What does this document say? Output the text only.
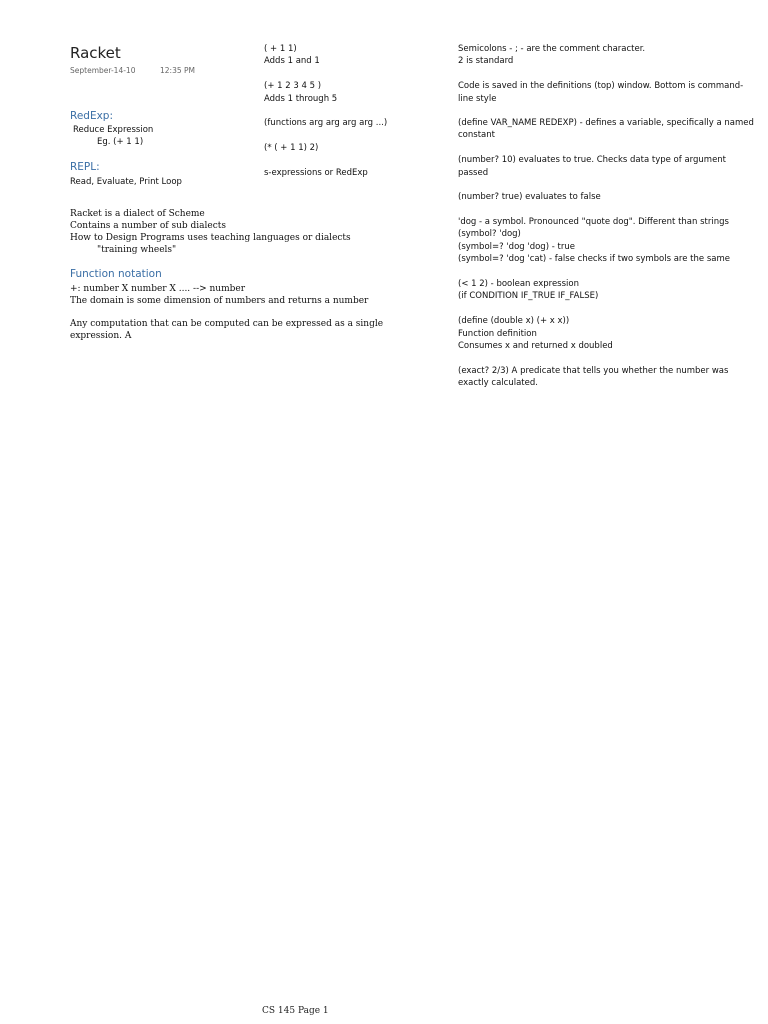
Racket
September-14-10	12:35 PM
RedExp:
Reduce Expression
Eg. (+ 1 1)
REPL:
Read, Evaluate, Print Loop
Racket is a dialect of Scheme
Contains a number of sub dialects
How to Design Programs uses teaching languages or dialects
"training wheels"
Function notation
+: number X number X .... --> number
The domain is some dimension of numbers and returns a number
Any computation that can be computed can be expressed as a single
expression. A
( + 1 1)
Adds 1 and 1
(+ 1 2 3 4 5 )
Adds 1 through 5
(functions arg arg arg arg ...)
(* ( + 1 1) 2)
s-expressions or RedExp
Semicolons - ; - are the comment character.
2 is standard
Code is saved in the definitions (top) window. Bottom is command-
line style
(define VAR_NAME REDEXP) - defines a variable, specifically a named
constant
(number? 10) evaluates to true. Checks data type of argument
passed
(number? true) evaluates to false
'dog - a symbol. Pronounced "quote dog". Different than strings
(symbol? 'dog)
(symbol=? 'dog 'dog) - true
(symbol=? 'dog 'cat) - false checks if two symbols are the same
(< 1 2) - boolean expression
(if CONDITION IF_TRUE IF_FALSE)
(define (double x) (+ x x))
Function definition
Consumes x and returned x doubled
(exact? 2/3) A predicate that tells you whether the number was
exactly calculated.
CS 145 Page 1
